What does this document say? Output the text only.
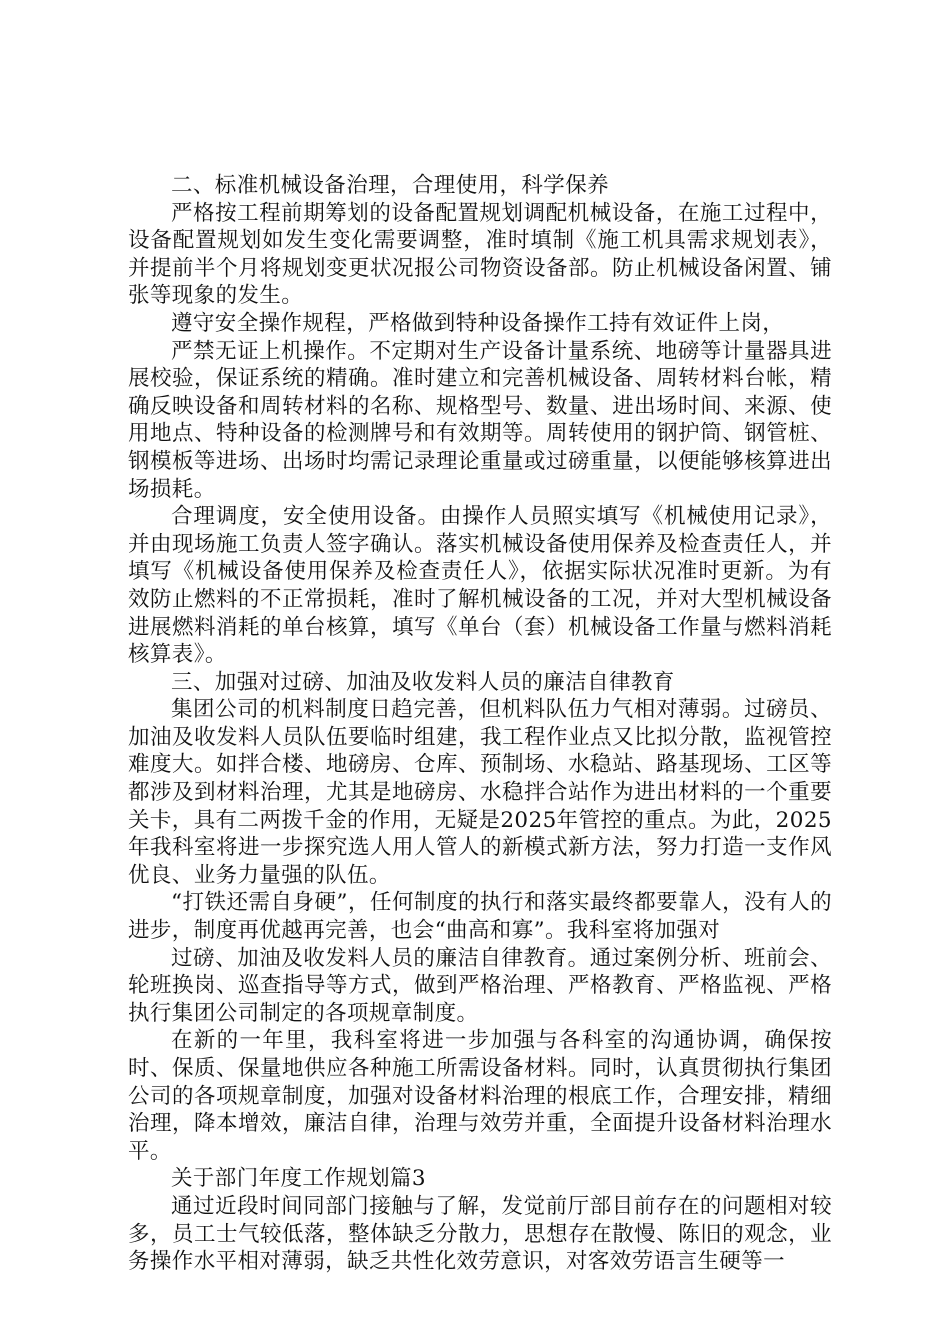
二、标准机械设备治理，合理使用，科学保养

严格按工程前期筹划的设备配置规划调配机械设备，在施工过程中，设备配置规划如发生变化需要调整，准时填制《施工机具需求规划表》，并提前半个月将规划变更状况报公司物资设备部。防止机械设备闲置、铺张等现象的发生。

遵守安全操作规程，严格做到特种设备操作工持有效证件上岗，

严禁无证上机操作。不定期对生产设备计量系统、地磅等计量器具进展校验，保证系统的精确。准时建立和完善机械设备、周转材料台帐，精确反映设备和周转材料的名称、规格型号、数量、进出场时间、来源、使用地点、特种设备的检测牌号和有效期等。周转使用的钢护筒、钢管桩、钢模板等进场、出场时均需记录理论重量或过磅重量，以便能够核算进出场损耗。

合理调度，安全使用设备。由操作人员照实填写《机械使用记录》，并由现场施工负责人签字确认。落实机械设备使用保养及检查责任人，并填写《机械设备使用保养及检查责任人》，依据实际状况准时更新。为有效防止燃料的不正常损耗，准时了解机械设备的工况，并对大型机械设备进展燃料消耗的单台核算，填写《单台（套）机械设备工作量与燃料消耗核算表》。

三、加强对过磅、加油及收发料人员的廉洁自律教育

集团公司的机料制度日趋完善，但机料队伍力气相对薄弱。过磅员、加油及收发料人员队伍要临时组建，我工程作业点又比拟分散，监视管控难度大。如拌合楼、地磅房、仓库、预制场、水稳站、路基现场、工区等都涉及到材料治理，尤其是地磅房、水稳拌合站作为进出材料的一个重要关卡，具有二两拨千金的作用，无疑是2025年管控的重点。为此，2025年我科室将进一步探究选人用人管人的新模式新方法，努力打造一支作风优良、业务力量强的队伍。

“打铁还需自身硬”，任何制度的执行和落实最终都要靠人，没有人的进步，制度再优越再完善，也会“曲高和寡”。我科室将加强对

过磅、加油及收发料人员的廉洁自律教育。通过案例分析、班前会、轮班换岗、巡查指导等方式，做到严格治理、严格教育、严格监视、严格执行集团公司制定的各项规章制度。

在新的一年里，我科室将进一步加强与各科室的沟通协调，确保按时、保质、保量地供应各种施工所需设备材料。同时，认真贯彻执行集团公司的各项规章制度，加强对设备材料治理的根底工作，合理安排，精细治理，降本增效，廉洁自律，治理与效劳并重，全面提升设备材料治理水平。

关于部门年度工作规划篇3

通过近段时间同部门接触与了解，发觉前厅部目前存在的问题相对较多，员工士气较低落，整体缺乏分散力，思想存在散慢、陈旧的观念，业务操作水平相对薄弱，缺乏共性化效劳意识，对客效劳语言生硬等一
